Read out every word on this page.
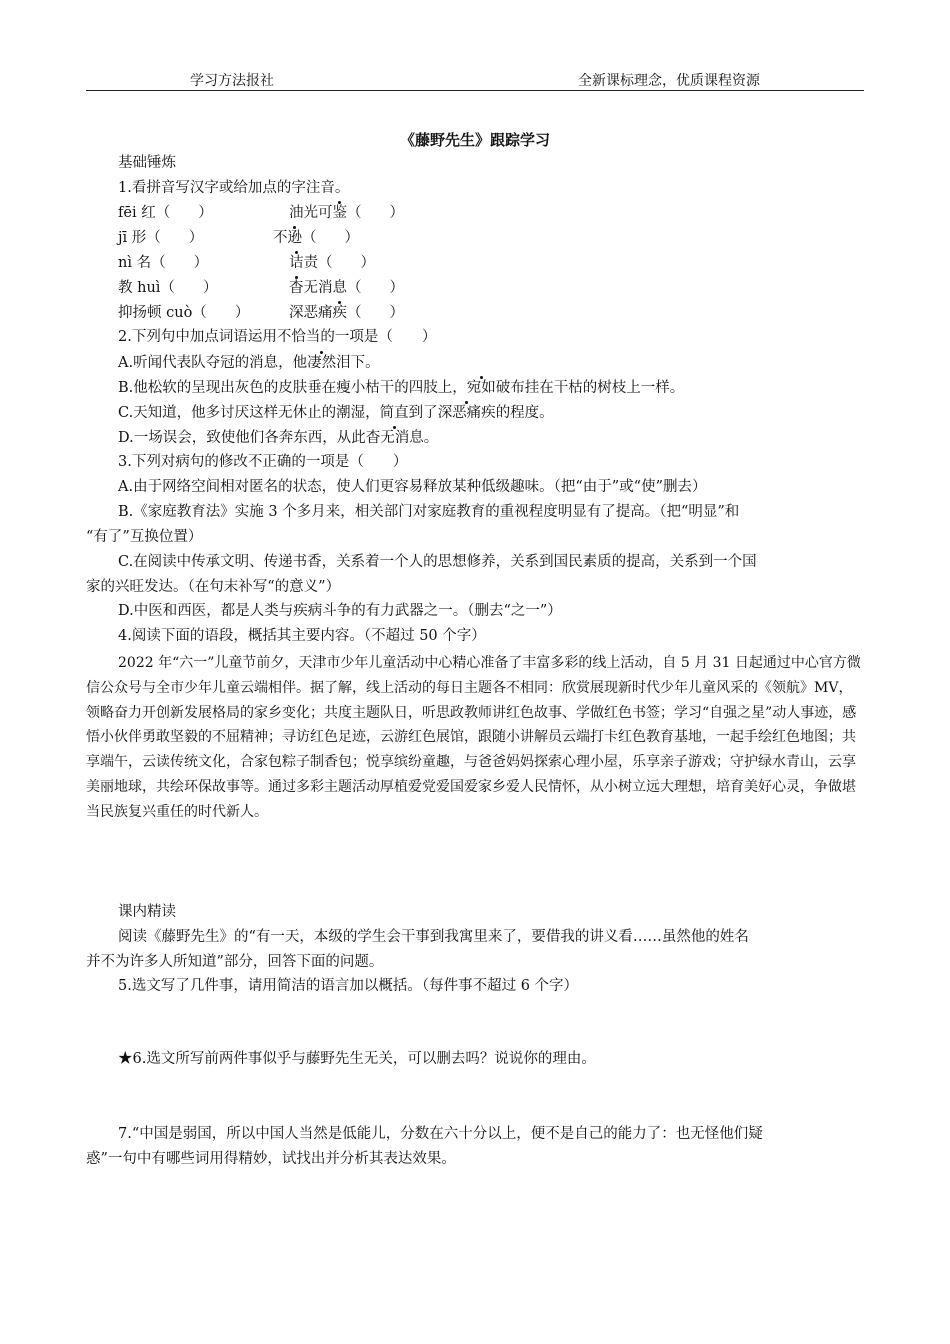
学习方法报社	全新课标理念，优质课程资源
《藤野先生》跟踪学习
基础锤炼
1.看拼音写汉字或给加点的字注音。
fēi 红（ ）	油光可鉴（ ）
jī 形（ ）	不逊（ ）
nì 名（ ）	诘责（ ）
教 huì（ ）	杳无消息（ ）
抑扬顿 cuò（ ）	深恶痛疾（ ）
2.下列句中加点词语运用不恰当的一项是（　　）
A.听闻代表队夺冠的消息，他凄然泪下。
B.他松软的呈现出灰色的皮肤垂在瘦小枯干的四肢上，宛如破布挂在干枯的树枝上一样。
C.天知道，他多讨厌这样无休止的潮湿，简直到了深恶痛疾的程度。
D.一场误会，致使他们各奔东西，从此杳无消息。
3.下列对病句的修改不正确的一项是（　　）
A.由于网络空间相对匿名的状态，使人们更容易释放某种低级趣味。（把“由于”或“使”删去）
B.《家庭教育法》实施 3 个多月来，相关部门对家庭教育的重视程度明显有了提高。（把“明显”和
“有了”互换位置）
C.在阅读中传承文明、传递书香，关系着一个人的思想修养，关系到国民素质的提高，关系到一个国
家的兴旺发达。（在句末补写“的意义”）
D.中医和西医，都是人类与疾病斗争的有力武器之一。（删去“之一”）
4.阅读下面的语段，概括其主要内容。（不超过 50 个字）
2022 年“六一”儿童节前夕，天津市少年儿童活动中心精心准备了丰富多彩的线上活动，自 5 月 31 日起通过中心官方微信公众号与全市少年儿童云端相伴。据了解，线上活动的每日主题各不相同：欣赏展现新时代少年儿童风采的《领航》MV，领略奋力开创新发展格局的家乡变化；共度主题队日，听思政教师讲红色故事、学做红色书签；学习“自强之星”动人事迹，感悟小伙伴勇敢坚毅的不屈精神；寻访红色足迹，云游红色展馆，跟随小讲解员云端打卡红色教育基地，一起手绘红色地图；共享端午，云读传统文化，合家包粽子制香包；悦享缤纷童趣，与爸爸妈妈探索心理小屋，乐享亲子游戏；守护绿水青山，云享美丽地球，共绘环保故事等。通过多彩主题活动厚植爱党爱国爱家乡爱人民情怀，从小树立远大理想，培育美好心灵，争做堪当民族复兴重任的时代新人。
课内精读
阅读《藤野先生》的“有一天，本级的学生会干事到我寓里来了，要借我的讲义看……虽然他的姓名
并不为许多人所知道”部分，回答下面的问题。
5.选文写了几件事，请用简洁的语言加以概括。（每件事不超过 6 个字）
★6.选文所写前两件事似乎与藤野先生无关，可以删去吗？说说你的理由。
7.“中国是弱国，所以中国人当然是低能儿，分数在六十分以上，便不是自己的能力了：也无怪他们疑
惑”一句中有哪些词用得精妙，试找出并分析其表达效果。
